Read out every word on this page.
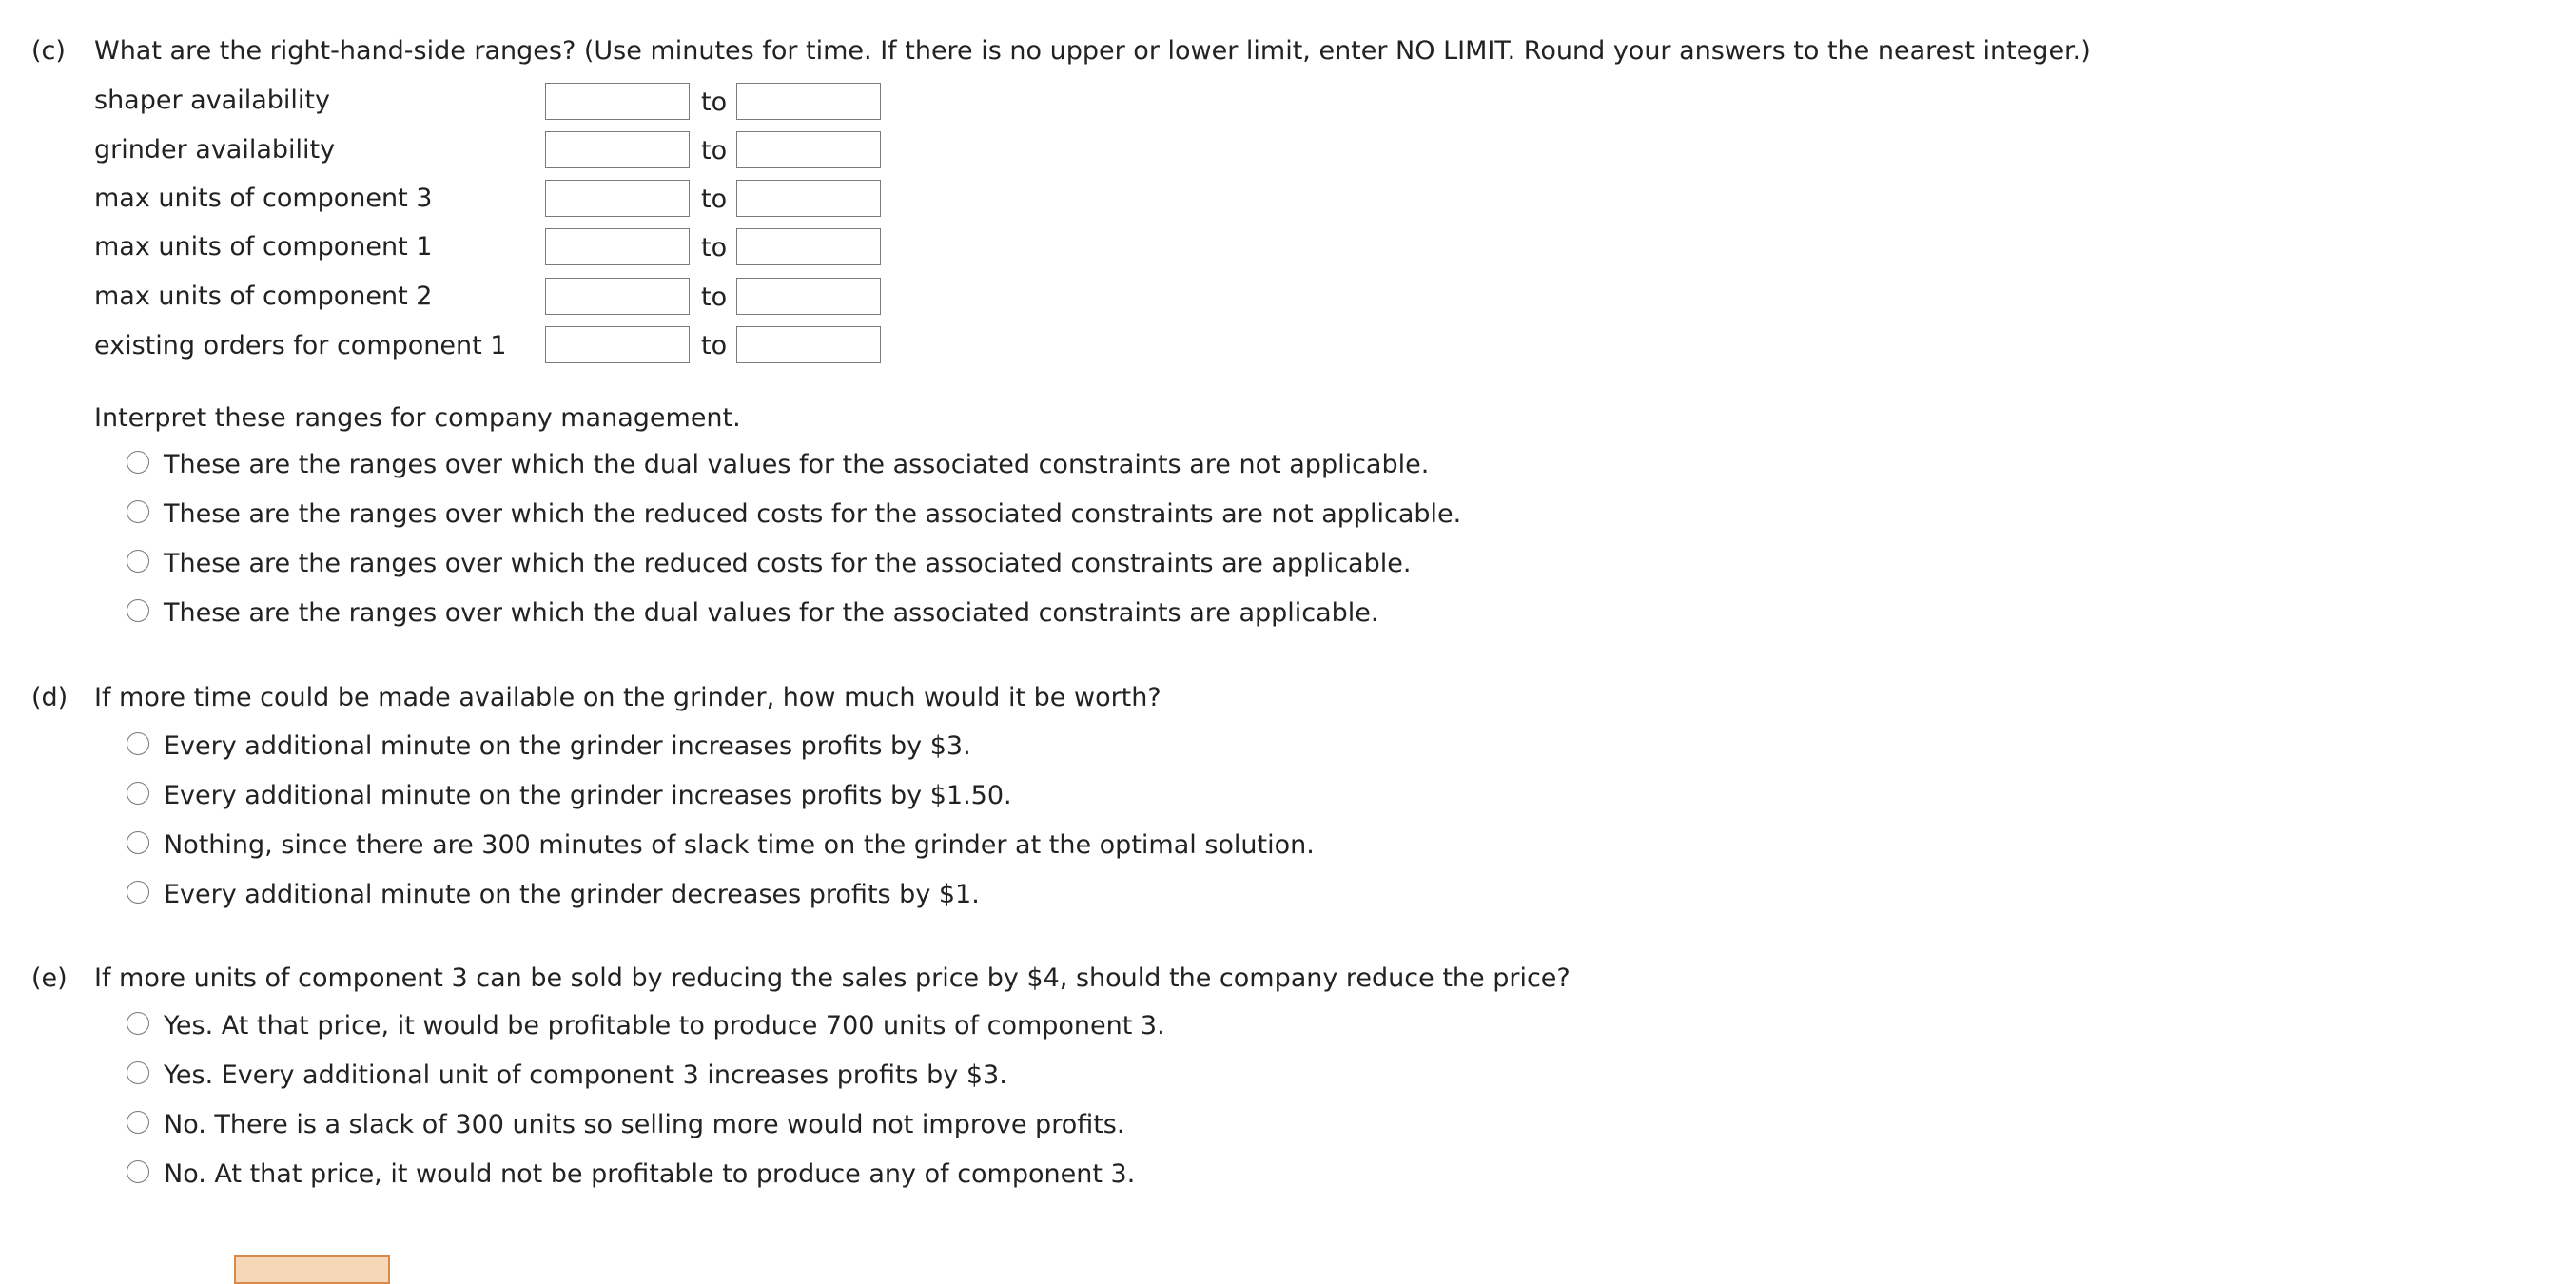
(c) What are the right-hand-side ranges? (Use minutes for time. If there is no upper or lower limit, enter NO LIMIT. Round your answers to the nearest integer.)
shaper availability	to
grinder availability	to
max units of component 3	to
max units of component 1	to
max units of component 2	to
existing orders for component 1	to
Interpret these ranges for company management.
These are the ranges over which the dual values for the associated constraints are not applicable.
These are the ranges over which the reduced costs for the associated constraints are not applicable.
These are the ranges over which the reduced costs for the associated constraints are applicable.
These are the ranges over which the dual values for the associated constraints are applicable.
(d) If more time could be made available on the grinder, how much would it be worth?
Every additional minute on the grinder increases profits by $3.
Every additional minute on the grinder increases profits by $1.50.
Nothing, since there are 300 minutes of slack time on the grinder at the optimal solution.
Every additional minute on the grinder decreases profits by $1.
(e) If more units of component 3 can be sold by reducing the sales price by $4, should the company reduce the price?
Yes. At that price, it would be profitable to produce 700 units of component 3.
Yes. Every additional unit of component 3 increases profits by $3.
No. There is a slack of 300 units so selling more would not improve profits.
No. At that price, it would not be profitable to produce any of component 3.
